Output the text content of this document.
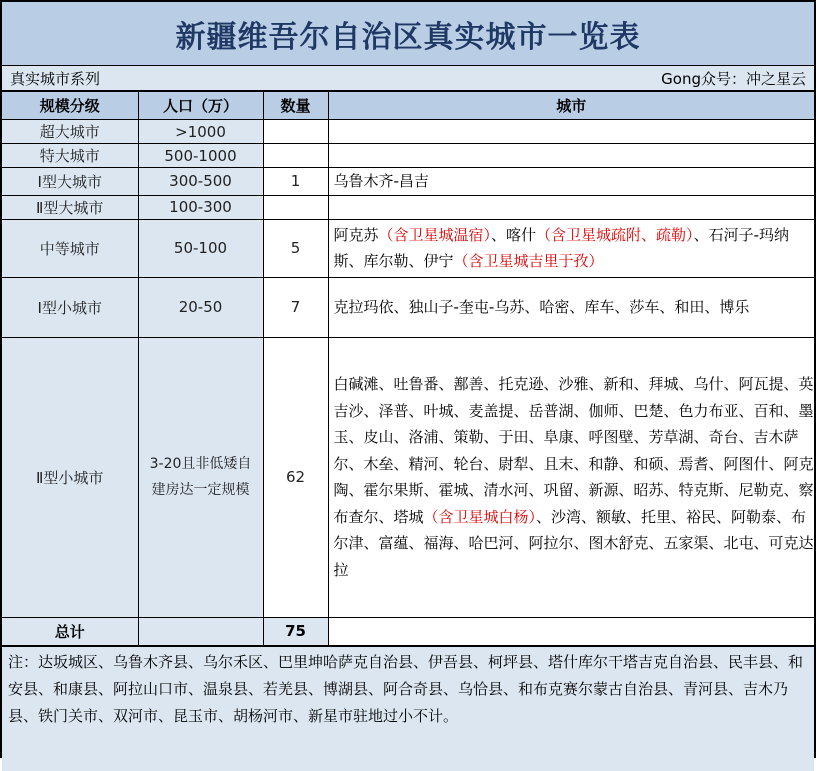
新疆维吾尔自治区真实城市一览表
真实城市系列	Gong众号：冲之星云
规模分级	人口（万）	数量	城市
超大城市	>1000		
特大城市	500-1000		
Ⅰ型大城市	300-500	1	乌鲁木齐-昌吉
Ⅱ型大城市	100-300		
中等城市	50-100	5	阿克苏（含卫星城温宿）、喀什（含卫星城疏附、疏勒）、石河子-玛纳斯、库尔勒、伊宁（含卫星城吉里于孜）
Ⅰ型小城市	20-50	7	克拉玛依、独山子-奎屯-乌苏、哈密、库车、莎车、和田、博乐
Ⅱ型小城市	3-20且非低矮自建房达一定规模	62	白碱滩、吐鲁番、鄯善、托克逊、沙雅、新和、拜城、乌什、阿瓦提、英吉沙、泽普、叶城、麦盖提、岳普湖、伽师、巴楚、色力布亚、百和、墨玉、皮山、洛浦、策勒、于田、阜康、呼图壁、芳草湖、奇台、吉木萨尔、木垒、精河、轮台、尉犁、且末、和静、和硕、焉耆、阿图什、阿克陶、霍尔果斯、霍城、清水河、巩留、新源、昭苏、特克斯、尼勒克、察布查尔、塔城（含卫星城白杨）、沙湾、额敏、托里、裕民、阿勒泰、布尔津、富蕴、福海、哈巴河、阿拉尔、图木舒克、五家渠、北屯、可克达拉
总计		75	
注：达坂城区、乌鲁木齐县、乌尔禾区、巴里坤哈萨克自治县、伊吾县、柯坪县、塔什库尔干塔吉克自治县、民丰县、和安县、和康县、阿拉山口市、温泉县、若羌县、博湖县、阿合奇县、乌恰县、和布克赛尔蒙古自治县、青河县、吉木乃县、铁门关市、双河市、昆玉市、胡杨河市、新星市驻地过小不计。
